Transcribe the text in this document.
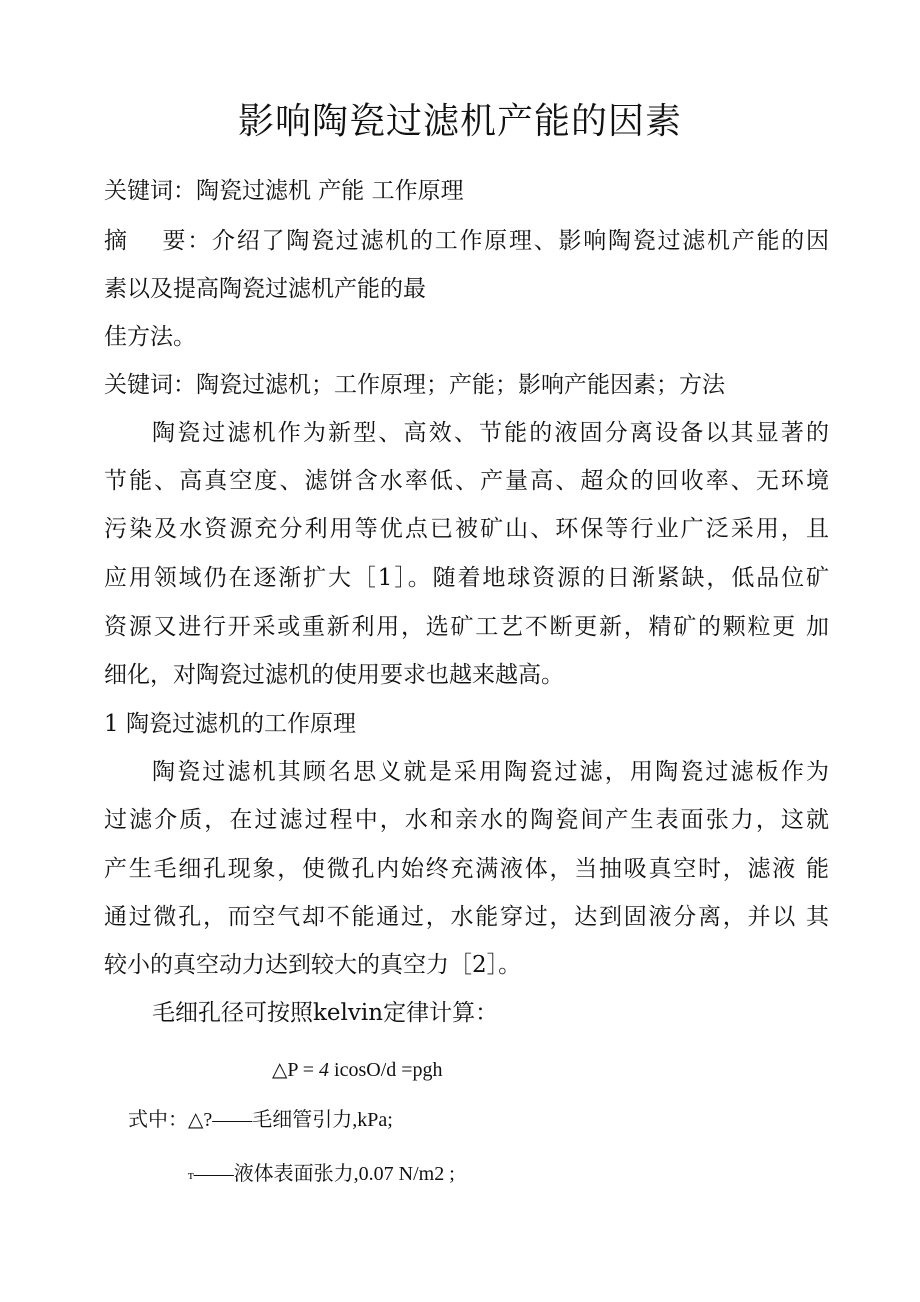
影响陶瓷过滤机产能的因素
关键词：陶瓷过滤机 产能 工作原理
摘　 要：介绍了陶瓷过滤机的工作原理、影响陶瓷过滤机产能的因
素以及提高陶瓷过滤机产能的最
佳方法。
关键词：陶瓷过滤机；工作原理；产能；影响产能因素；方法
陶瓷过滤机作为新型、高效、节能的液固分离设备以其显著的
节能、高真空度、滤饼含水率低、产量高、超众的回收率、无环境
污染及水资源充分利用等优点已被矿山、环保等行业广泛采用，且
应用领域仍在逐渐扩大［1］。随着地球资源的日渐紧缺，低品位矿
资源又进行开采或重新利用，选矿工艺不断更新，精矿的颗粒更 加
细化，对陶瓷过滤机的使用要求也越来越高。
1 陶瓷过滤机的工作原理
陶瓷过滤机其顾名思义就是采用陶瓷过滤，用陶瓷过滤板作为
过滤介质，在过滤过程中，水和亲水的陶瓷间产生表面张力，这就
产生毛细孔现象，使微孔内始终充满液体，当抽吸真空时，滤液 能
通过微孔，而空气却不能通过，水能穿过，达到固液分离，并以 其
较小的真空动力达到较大的真空力［2］。
毛细孔径可按照kelvin定律计算：
△P = 4 icosO/d =pgh
式中：△?——毛细管引力,kPa;
т——液体表面张力,0.07 N/m2 ;
